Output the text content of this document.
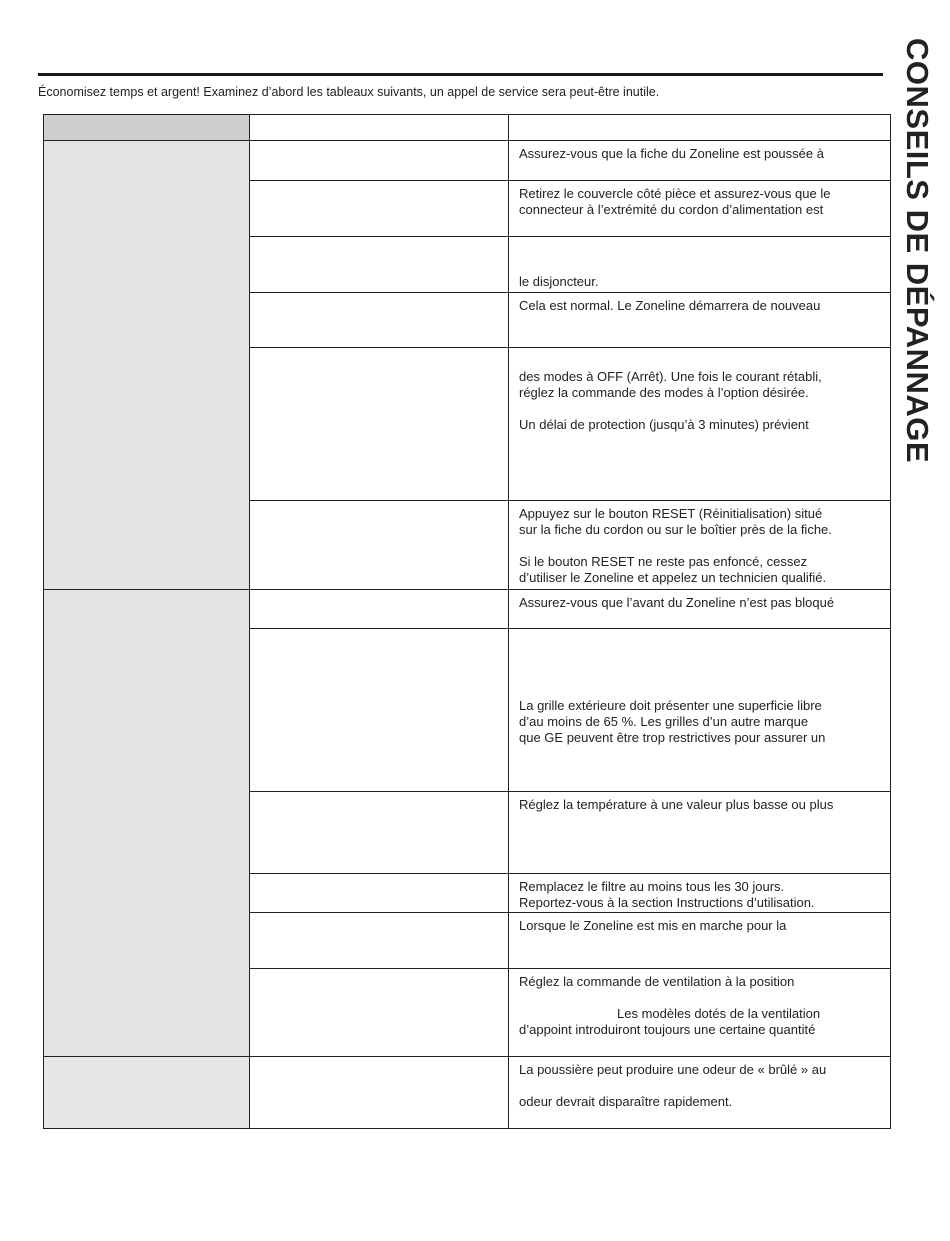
Économisez temps et argent! Examinez d’abord les tableaux suivants, un appel de service sera peut-être inutile.	CONSEILS DE DÉPANNAGE

		Assurez-vous que la fiche du Zoneline est poussée à

		Retirez le couvercle côté pièce et assurez-vous que le
connecteur à l’extrémité du cordon d’alimentation est

		le disjoncteur.

		Cela est normal. Le Zoneline démarrera de nouveau

		des modes à OFF (Arrêt). Une fois le courant rétabli,
réglez la commande des modes à l’option désirée.
Un délai de protection (jusqu’à 3 minutes) prévient

		Appuyez sur le bouton RESET (Réinitialisation) situé
sur la fiche du cordon ou sur le boîtier près de la fiche.
Si le bouton RESET ne reste pas enfoncé, cessez
d’utiliser le Zoneline et appelez un technicien qualifié.

		Assurez-vous que l’avant du Zoneline n’est pas bloqué

		La grille extérieure doit présenter une superficie libre
d’au moins de 65 %. Les grilles d’un autre marque
que GE peuvent être trop restrictives pour assurer un

		Réglez la température à une valeur plus basse ou plus

		Remplacez le filtre au moins tous les 30 jours.
Reportez-vous à la section Instructions d’utilisation.

		Lorsque le Zoneline est mis en marche pour la

		Réglez la commande de ventilation à la position
Les modèles dotés de la ventilation
d’appoint introduiront toujours une certaine quantité

		La poussière peut produire une odeur de « brûlé » au
odeur devrait disparaître rapidement.
